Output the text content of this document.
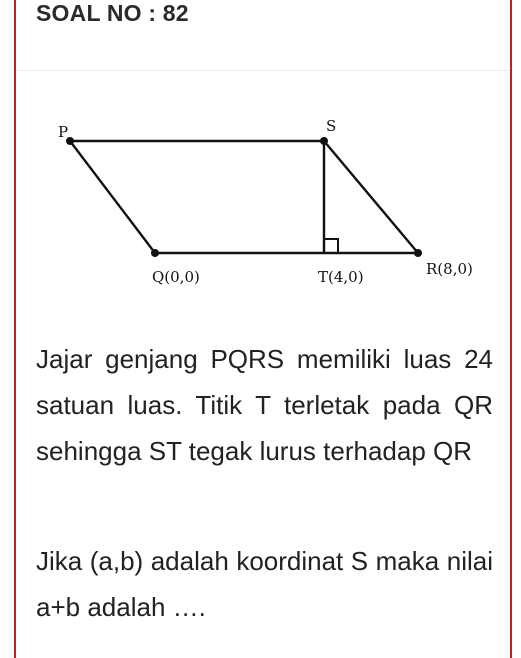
SOAL NO : 82
P	S
Q(0,0)	T(4,0)	R(8,0)

Jajar genjang PQRS memiliki luas 24 satuan luas. Titik T terletak pada QR sehingga ST tegak lurus terhadap QR

Jika (a,b) adalah koordinat S maka nilai a+b adalah ….
